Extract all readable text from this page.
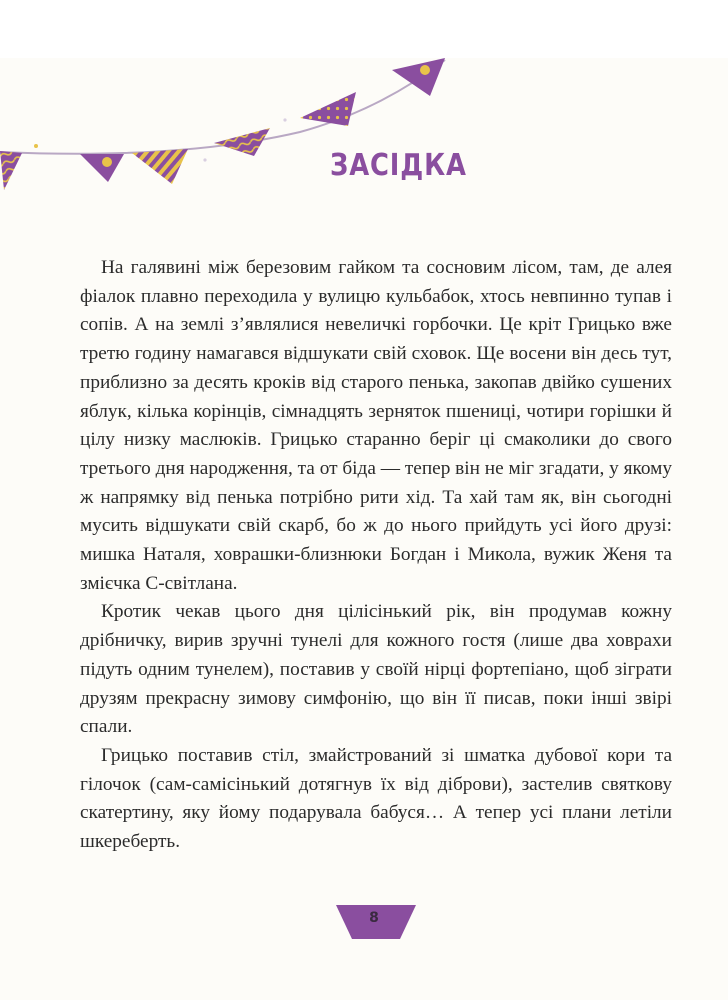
ЗАСІДКА

На галявині між березовим гайком та сосновим лісом, там, де алея фіалок плавно переходила у вулицю кульбабок, хтось невпинно тупав і сопів. А на землі з’являлися невеличкі горбочки. Це кріт Грицько вже третю годину намагався відшукати свій сховок. Ще восени він десь тут, приблизно за десять кроків від старого пенька, закопав двійко сушених яблук, кілька корінців, сімнадцять зерняток пшениці, чотири горішки й цілу низку маслюків. Грицько старанно беріг ці смаколики до свого третього дня народження, та от біда — тепер він не міг згадати, у якому ж напрямку від пенька потрібно рити хід. Та хай там як, він сьогодні мусить відшукати свій скарб, бо ж до нього прийдуть усі його друзі: мишка Наталя, ховрашки-близнюки Богдан і Микола, вужик Женя та змієчка С-світлана.

Кротик чекав цього дня цілісінький рік, він продумав кожну дрібничку, вирив зручні тунелі для кожного гостя (лише два ховрахи підуть одним тунелем), поставив у своїй нірці фортепіано, щоб зіграти друзям прекрасну зимову симфонію, що він її писав, поки інші звірі спали.

Грицько поставив стіл, змайстрований зі шматка дубової кори та гілочок (сам-самісінький дотягнув їх від діброви), застелив святкову скатертину, яку йому подарувала бабуся… А тепер усі плани летіли шкереберть.

8
